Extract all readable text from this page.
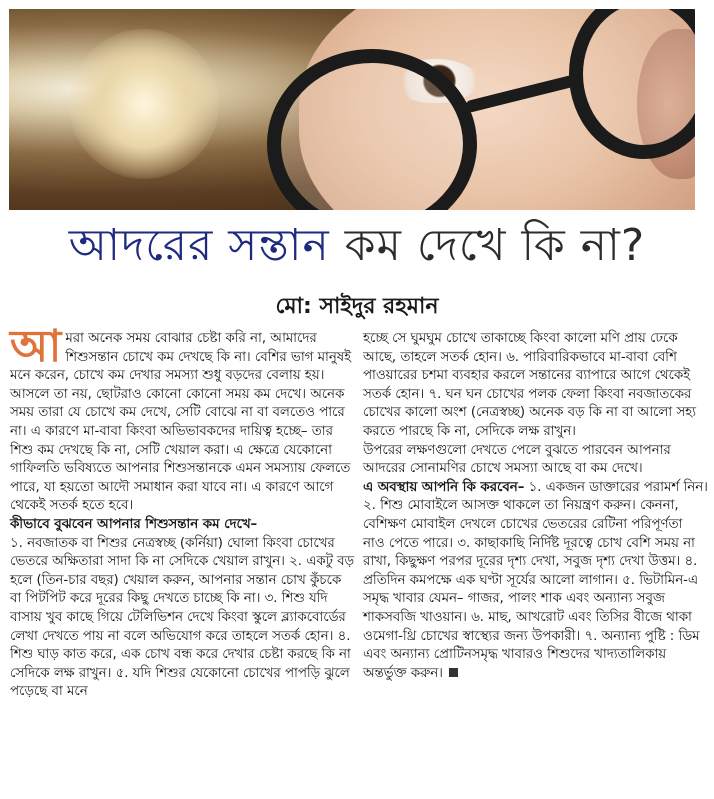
আদরের সন্তান কম দেখে কি না?
মো: সাইদুর রহমান

আমরা অনেক সময় বোঝার চেষ্টা করি না, আমাদের শিশুসন্তান চোখে কম দেখছে কি না। বেশির ভাগ মানুষই মনে করেন, চোখে কম দেখার সমস্যা শুধু বড়দের বেলায় হয়। আসলে তা নয়, ছোটরাও কোনো কোনো সময় কম দেখে। অনেক সময় তারা যে চোখে কম দেখে, সেটি বোঝে না বা বলতেও পারে না। এ কারণে মা-বাবা কিংবা অভিভাবকদের দায়িত্ব হচ্ছে– তার শিশু কম দেখছে কি না, সেটি খেয়াল করা। এ ক্ষেত্রে যেকোনো গাফিলতি ভবিষ্যতে আপনার শিশুসন্তানকে এমন সমস্যায় ফেলতে পারে, যা হয়তো আদৌ সমাধান করা যাবে না। এ কারণে আগে থেকেই সতর্ক হতে হবে।

কীভাবে বুঝবেন আপনার শিশুসন্তান কম দেখে–

১. নবজাতক বা শিশুর নেত্রস্বচ্ছ (কর্নিয়া) ঘোলা কিংবা চোখের ভেতরে অক্ষিতারা সাদা কি না সেদিকে খেয়াল রাখুন। ২. একটু বড় হলে (তিন-চার বছর) খেয়াল করুন, আপনার সন্তান চোখ কুঁচকে বা পিটপিট করে দূরের কিছু দেখতে চাচ্ছে কি না। ৩. শিশু যদি বাসায় খুব কাছে গিয়ে টেলিভিশন দেখে কিংবা স্কুলে ব্ল্যাকবোর্ডের লেখা দেখতে পায় না বলে অভিযোগ করে তাহলে সতর্ক হোন। ৪. শিশু ঘাড় কাত করে, এক চোখ বন্ধ করে দেখার চেষ্টা করছে কি না সেদিকে লক্ষ রাখুন। ৫. যদি শিশুর যেকোনো চোখের পাপড়ি ঝুলে পড়েছে বা মনে

হচ্ছে সে ঘুমঘুম চোখে তাকাচ্ছে কিংবা কালো মণি প্রায় ঢেকে আছে, তাহলে সতর্ক হোন। ৬. পারিবারিকভাবে মা-বাবা বেশি পাওয়ারের চশমা ব্যবহার করলে সন্তানের ব্যাপারে আগে থেকেই সতর্ক হোন। ৭. ঘন ঘন চোখের পলক ফেলা কিংবা নবজাতকের চোখের কালো অংশ (নেত্রস্বচ্ছ) অনেক বড় কি না বা আলো সহ্য করতে পারছে কি না, সেদিকে লক্ষ রাখুন।

উপরের লক্ষণগুলো দেখতে পেলে বুঝতে পারবেন আপনার আদরের সোনামণির চোখে সমস্যা আছে বা কম দেখে।

এ অবস্থায় আপনি কি করবেন– ১. একজন ডাক্তারের পরামর্শ নিন। ২. শিশু মোবাইলে আসক্ত থাকলে তা নিয়ন্ত্রণ করুন। কেননা, বেশিক্ষণ মোবাইল দেখলে চোখের ভেতরের রেটিনা পরিপূর্ণতা নাও পেতে পারে। ৩. কাছাকাছি নির্দিষ্ট দূরত্বে চোখ বেশি সময় না রাখা, কিছুক্ষণ পরপর দূরের দৃশ্য দেখা, সবুজ দৃশ্য দেখা উত্তম। ৪. প্রতিদিন কমপক্ষে এক ঘণ্টা সূর্যের আলো লাগান। ৫. ভিটামিন-এ সমৃদ্ধ খাবার যেমন– গাজর, পালং শাক এবং অন্যান্য সবুজ শাকসবজি খাওয়ান। ৬. মাছ, আখরোট এবং তিসির বীজে থাকা ওমেগা-থ্রি চোখের স্বাস্থ্যের জন্য উপকারী। ৭. অন্যান্য পুষ্টি : ডিম এবং অন্যান্য প্রোটিনসমৃদ্ধ খাবারও শিশুদের খাদ্যতালিকায় অন্তর্ভুক্ত করুন।
